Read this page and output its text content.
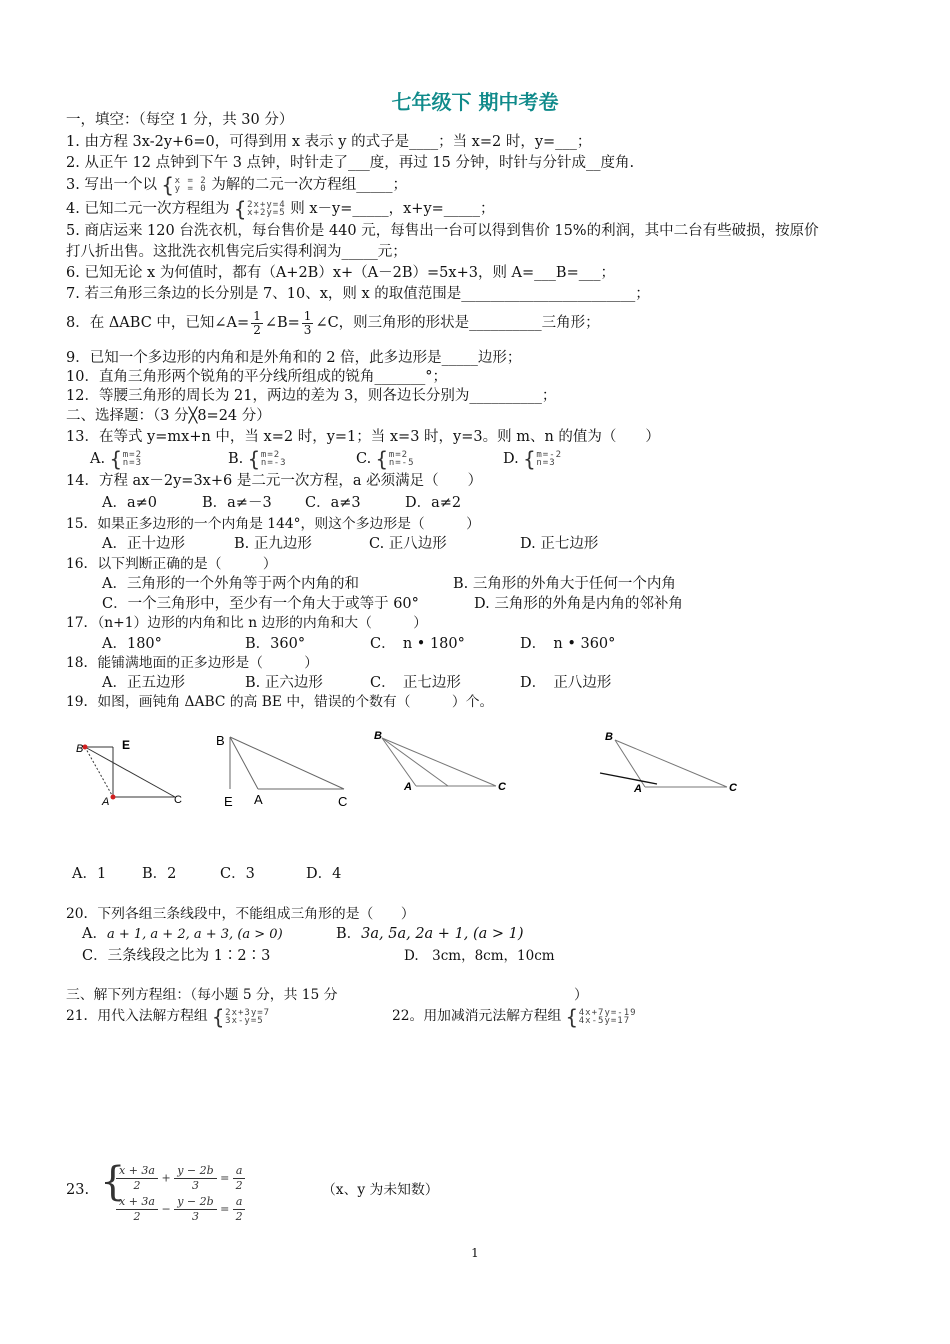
七年级下 期中考卷
一，填空：（每空 1 分，共 30 分）
1. 由方程 3x-2y+6=0，可得到用 x 表示 y 的式子是____；当 x=2 时，y=___；
2. 从正午 12 点钟到下午 3 点钟，时针走了___度，再过 15 分钟，时针与分针成__度角.
3. 写出一个以 {x = 2
y = 0 为解的二元一次方程组_____；
4. 已知二元一次方程组为 {2x+y=4
x+2y=5 则 x－y=_____，x+y=_____；
5. 商店运来 120 台洗衣机，每台售价是 440 元，每售出一台可以得到售价 15%的利润，其中二台有些破损，按原价
打八折出售。这批洗衣机售完后实得利润为_____元；
6. 已知无论 x 为何值时，都有（A+2B）x+（A－2B）=5x+3，则 A=___B=___；
7. 若三角形三条边的长分别是 7、10、x，则 x 的取值范围是________________________；
8．在 ΔABC 中，已知∠A= $\frac{1}{2}$ ∠B= $\frac{1}{3}$ ∠C，则三角形的形状是__________三角形；
9．已知一个多边形的内角和是外角和的 2 倍，此多边形是_____边形；
10．直角三角形两个锐角的平分线所组成的锐角_______°；
12．等腰三角形的周长为 21，两边的差为 3，则各边长分别为__________；
二、选择题：（3 分╳8=24 分）
13．在等式 y=mx+n 中，当 x=2 时，y=1；当 x=3 时，y=3。则 m、n 的值为（　　）
A. {m=2
n=3	B. {m=2
n=-3	C. {m=2
n=-5	D. {m=-2
n=3
14．方程 ax－2y=3x+6 是二元一次方程，a 必须满足（　　）
A．a≠0	B．a≠－3 C．a≠3	D．a≠2
15．如果正多边形的一个内角是 144°，则这个多边形是（　　　）
A．正十边形	B. 正九边形	C. 正八边形	D. 正七边形
16．以下判断正确的是（　　　）
A．三角形的一个外角等于两个内角的和	B. 三角形的外角大于任何一个内角
C．一个三角形中，至少有一个角大于或等于 60°	D. 三角形的外角是内角的邻补角
17．（n+1）边形的内角和比 n 边形的内角和大（　　　）
A．180°	B．360°	C．　n • 180°	D．　n • 360°
18．能铺满地面的正多边形是（　　　）
A．正五边形	B. 正六边形	C．　正七边形	D．　正八边形
19．如图，画钝角 ΔABC 的高 BE 中，错误的个数有（　　　）个。
B	E
A	C
B
E A	C
B
A	C
B
A	C
A．1 B．2	C．3	D．4
20．下列各组三条线段中，不能组成三角形的是（　　）
A．a + 1, a + 2, a + 3, (a > 0)	B．3a, 5a, 2a + 1, (a > 1)
C．三条线段之比为 1∶2∶3	D.　3cm，8cm，10cm
三、解下列方程组：（每小题 5 分，共 15 分	）
21．用代入法解方程组 {2x+3y=7
3x-y=5	22。用加减消元法解方程组 {4x+7y=-19
4x-5y=17
23. {
$\frac{x + 3a}{2} + \frac{y - 2b}{3} = \frac{a}{2}$
$\frac{x + 3a}{2} - \frac{y - 2b}{3} = \frac{a}{2}$
（x、y 为未知数）
1
